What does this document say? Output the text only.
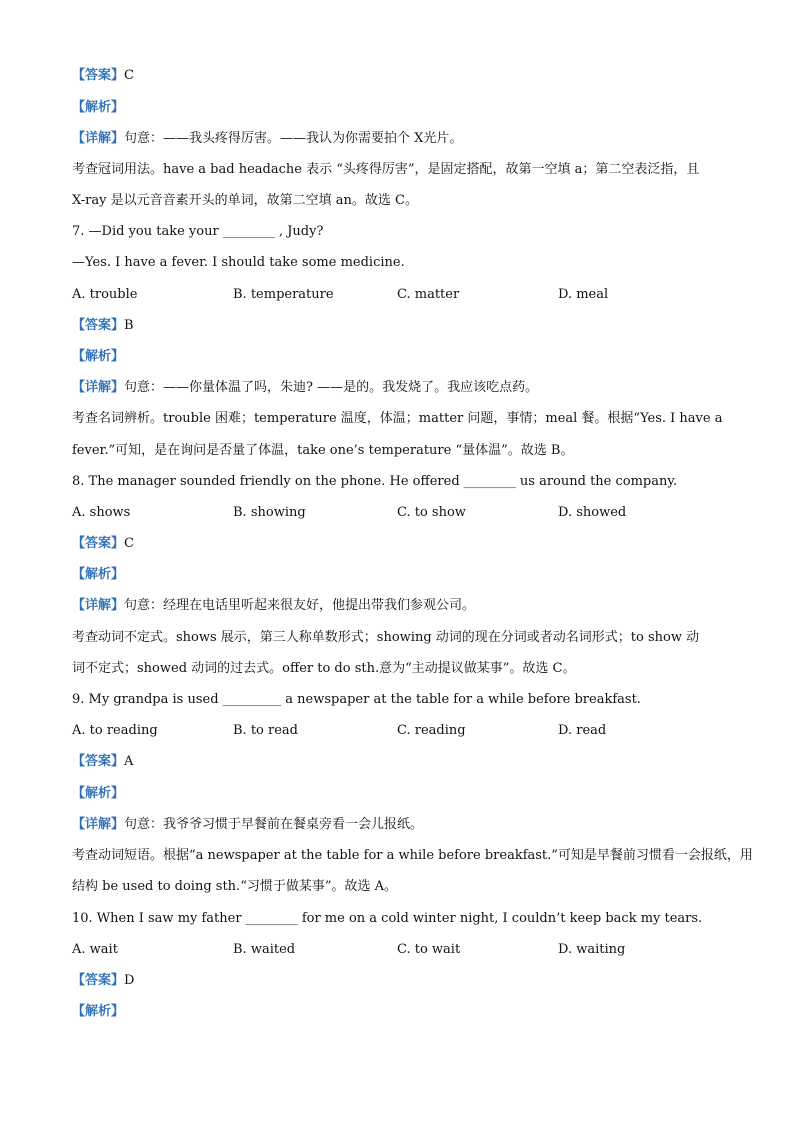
【答案】C
【解析】
【详解】句意：——我头疼得厉害。——我认为你需要拍个 X光片。
考查冠词用法。have a bad headache 表示 “头疼得厉害”，是固定搭配，故第一空填 a；第二空表泛指，且
X-ray 是以元音音素开头的单词，故第二空填 an。故选 C。
7. —Did you take your ________ , Judy?
—Yes. I have a fever. I should take some medicine.
A. trouble	B. temperature	C. matter	D. meal
【答案】B
【解析】
【详解】句意：——你量体温了吗，朱迪? ——是的。我发烧了。我应该吃点药。
考查名词辨析。trouble 困难；temperature 温度，体温；matter 问题，事情；meal 餐。根据“Yes. I have a
fever.”可知，是在询问是否量了体温，take one’s temperature “量体温”。故选 B。
8. The manager sounded friendly on the phone. He offered ________ us around the company.
A. shows	B. showing	C. to show	D. showed
【答案】C
【解析】
【详解】句意：经理在电话里听起来很友好，他提出带我们参观公司。
考查动词不定式。shows 展示，第三人称单数形式；showing 动词的现在分词或者动名词形式；to show 动
词不定式；showed 动词的过去式。offer to do sth.意为“主动提议做某事”。故选 C。
9. My grandpa is used _________ a newspaper at the table for a while before breakfast.
A. to reading	B. to read	C. reading	D. read
【答案】A
【解析】
【详解】句意：我爷爷习惯于早餐前在餐桌旁看一会儿报纸。
考查动词短语。根据“a newspaper at the table for a while before breakfast.”可知是早餐前习惯看一会报纸，用
结构 be used to doing sth.“习惯于做某事”。故选 A。
10. When I saw my father ________ for me on a cold winter night, I couldn’t keep back my tears.
A. wait	B. waited	C. to wait	D. waiting
【答案】D
【解析】
